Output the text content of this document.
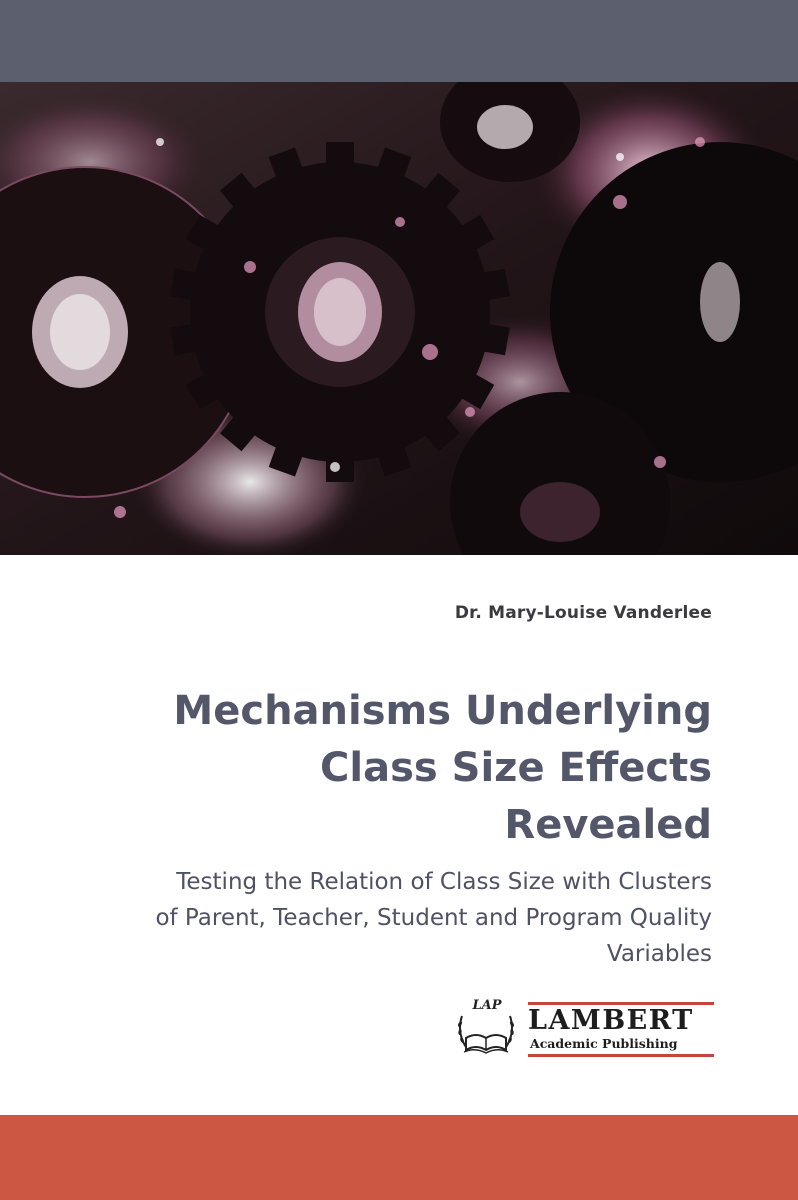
Dr. Mary-Louise Vanderlee
Mechanisms Underlying
Class Size Effects
Revealed
Testing the Relation of Class Size with Clusters
of Parent, Teacher, Student and Program Quality
Variables
LAP LAMBERT
Academic Publishing
